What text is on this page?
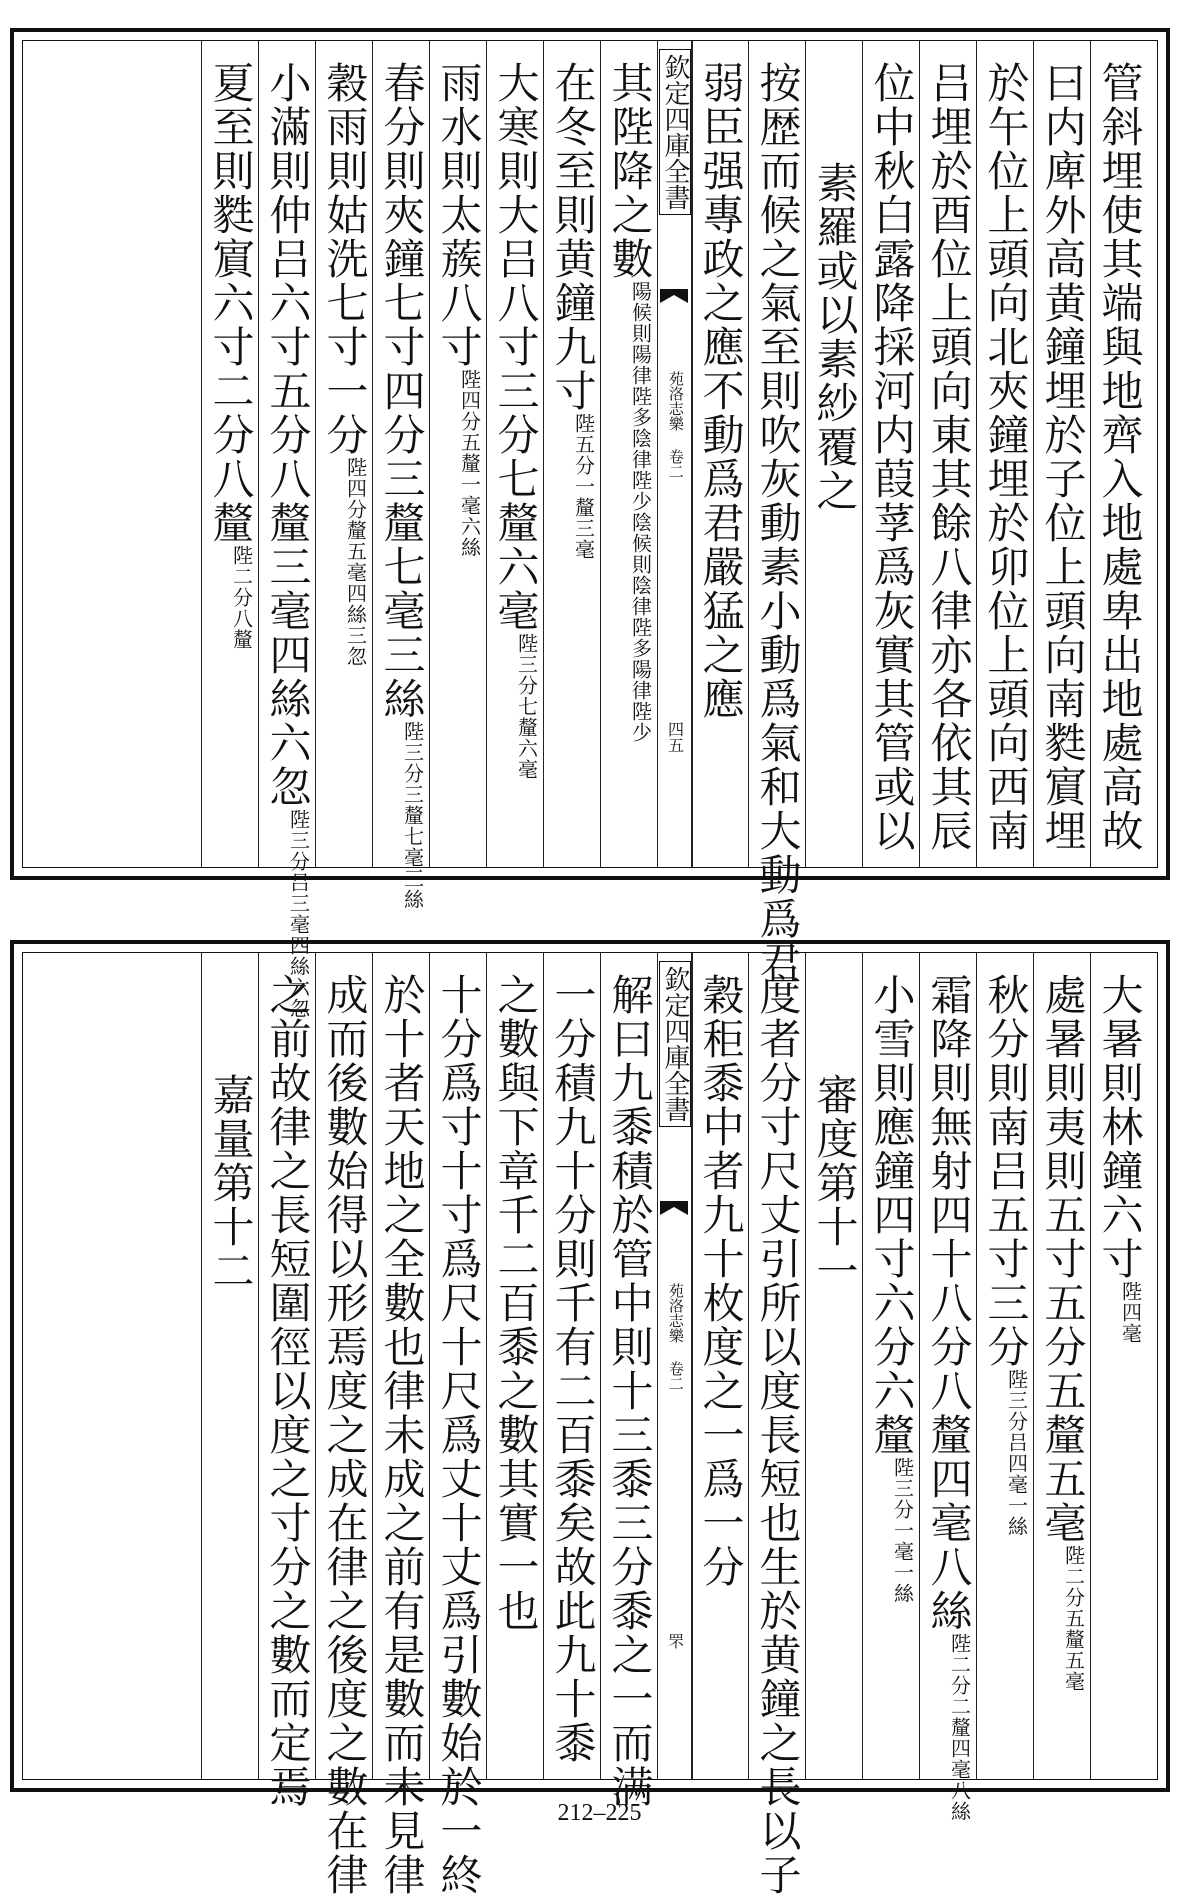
管斜埋使其端與地齊入地處卑出地處高故
曰内庳外高黄鐘埋於子位上頭向南㽔賔埋
於午位上頭向北夾鐘埋於卯位上頭向西南
吕埋於酉位上頭向東其餘八律亦各依其辰
位中秋白露降採河内葭莩爲灰實其管或以
素羅或以素紗覆之
按歴而候之氣至則吹灰動素小動爲氣和大動爲君
弱臣强專政之應不動爲君嚴猛之應
欽定四庫全書
苑洛志樂 卷二
四五
其陛降之數$^{陽候則陽律陛多陰律陛少陰候則陰律陛多陽律陛少}$
在冬至則黄鐘九寸$^{陛五分一釐三毫}$
大寒則大吕八寸三分七釐六毫$^{陛三分七釐六毫}$
雨水則太蔟八寸$^{陛四分五釐一毫六絲}$
春分則夾鐘七寸四分三釐七毫三絲$^{陛三分三釐七毫三絲}$
穀雨則姑洗七寸一分$^{陛四分釐五毫四絲三忽}$
小滿則仲吕六寸五分八釐三毫四絲六忽$^{陛三分吕三毫四絲六忽}$
夏至則㽔賔六寸二分八釐$^{陛二分八釐}$
大暑則林鐘六寸$^{陛四毫}$
處暑則夷則五寸五分五釐五毫$^{陛二分五釐五毫}$
秋分則南吕五寸三分$^{陛三分吕四毫一絲}$
霜降則無射四十八分八釐四毫八絲$^{陛二分二釐四毫八絲}$
小雪則應鐘四寸六分六釐$^{陛三分一毫一絲}$
審度第十一
度者分寸尺丈引所以度長短也生於黄鐘之長以子
穀秬黍中者九十枚度之一爲一分
欽定四庫全書
苑洛志樂 卷二
罘
解曰九黍積於管中則十三黍三分黍之一而满
一分積九十分則千有二百黍矣故此九十黍
之數與下章千二百黍之數其實一也
十分爲寸十寸爲尺十尺爲丈十丈爲引數始於一終
於十者天地之全數也律未成之前有是數而未見律
成而後數始得以形焉度之成在律之後度之數在律
之前故律之長短圍徑以度之寸分之數而定焉
嘉量第十二
212–225
